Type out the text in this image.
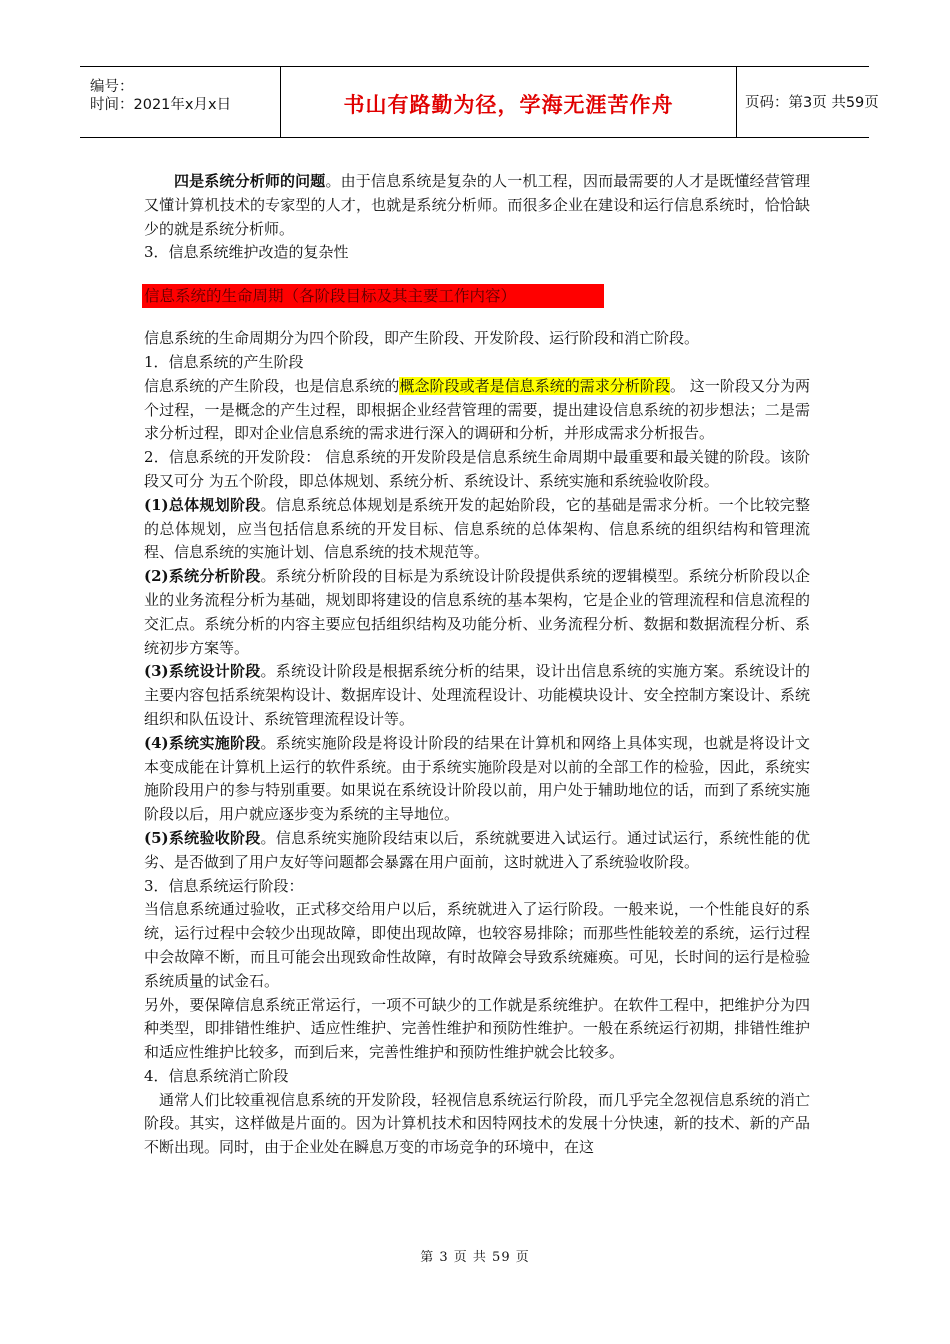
编号：
时间：2021年x月x日	书山有路勤为径，学海无涯苦作舟	页码：第3页 共59页

四是系统分析师的问题。由于信息系统是复杂的人一机工程，因而最需要的人才是既懂经营管理又懂计算机技术的专家型的人才，也就是系统分析师。而很多企业在建设和运行信息系统时，恰恰缺少的就是系统分析师。

3．信息系统维护改造的复杂性

信息系统的生命周期（各阶段目标及其主要工作内容）

信息系统的生命周期分为四个阶段，即产生阶段、开发阶段、运行阶段和消亡阶段。

1．信息系统的产生阶段

信息系统的产生阶段，也是信息系统的概念阶段或者是信息系统的需求分析阶段。 这一阶段又分为两个过程，一是概念的产生过程，即根据企业经营管理的需要，提出建设信息系统的初步想法；二是需求分析过程，即对企业信息系统的需求进行深入的调研和分析，并形成需求分析报告。

2．信息系统的开发阶段： 信息系统的开发阶段是信息系统生命周期中最重要和最关键的阶段。该阶段又可分 为五个阶段，即总体规划、系统分析、系统设计、系统实施和系统验收阶段。

(1)总体规划阶段。信息系统总体规划是系统开发的起始阶段，它的基础是需求分析。一个比较完整的总体规划，应当包括信息系统的开发目标、信息系统的总体架构、信息系统的组织结构和管理流程、信息系统的实施计划、信息系统的技术规范等。

(2)系统分析阶段。系统分析阶段的目标是为系统设计阶段提供系统的逻辑模型。系统分析阶段以企业的业务流程分析为基础，规划即将建设的信息系统的基本架构，它是企业的管理流程和信息流程的交汇点。系统分析的内容主要应包括组织结构及功能分析、业务流程分析、数据和数据流程分析、系统初步方案等。

(3)系统设计阶段。系统设计阶段是根据系统分析的结果，设计出信息系统的实施方案。系统设计的主要内容包括系统架构设计、数据库设计、处理流程设计、功能模块设计、安全控制方案设计、系统组织和队伍设计、系统管理流程设计等。

(4)系统实施阶段。系统实施阶段是将设计阶段的结果在计算机和网络上具体实现，也就是将设计文本变成能在计算机上运行的软件系统。由于系统实施阶段是对以前的全部工作的检验，因此，系统实施阶段用户的参与特别重要。如果说在系统设计阶段以前，用户处于辅助地位的话，而到了系统实施阶段以后，用户就应逐步变为系统的主导地位。

(5)系统验收阶段。信息系统实施阶段结束以后，系统就要进入试运行。通过试运行，系统性能的优劣、是否做到了用户友好等问题都会暴露在用户面前，这时就进入了系统验收阶段。

3．信息系统运行阶段：

当信息系统通过验收，正式移交给用户以后，系统就进入了运行阶段。一般来说，一个性能良好的系统，运行过程中会较少出现故障，即使出现故障，也较容易排除；而那些性能较差的系统，运行过程中会故障不断，而且可能会出现致命性故障，有时故障会导致系统瘫痪。可见，长时间的运行是检验系统质量的试金石。

另外，要保障信息系统正常运行，一项不可缺少的工作就是系统维护。在软件工程中，把维护分为四种类型，即排错性维护、适应性维护、完善性维护和预防性维护。一般在系统运行初期，排错性维护和适应性维护比较多，而到后来，完善性维护和预防性维护就会比较多。

4．信息系统消亡阶段

通常人们比较重视信息系统的开发阶段，轻视信息系统运行阶段，而几乎完全忽视信息系统的消亡阶段。其实，这样做是片面的。因为计算机技术和因特网技术的发展十分快速，新的技术、新的产品不断出现。同时，由于企业处在瞬息万变的市场竞争的环境中，在这

第 3 页 共 59 页
